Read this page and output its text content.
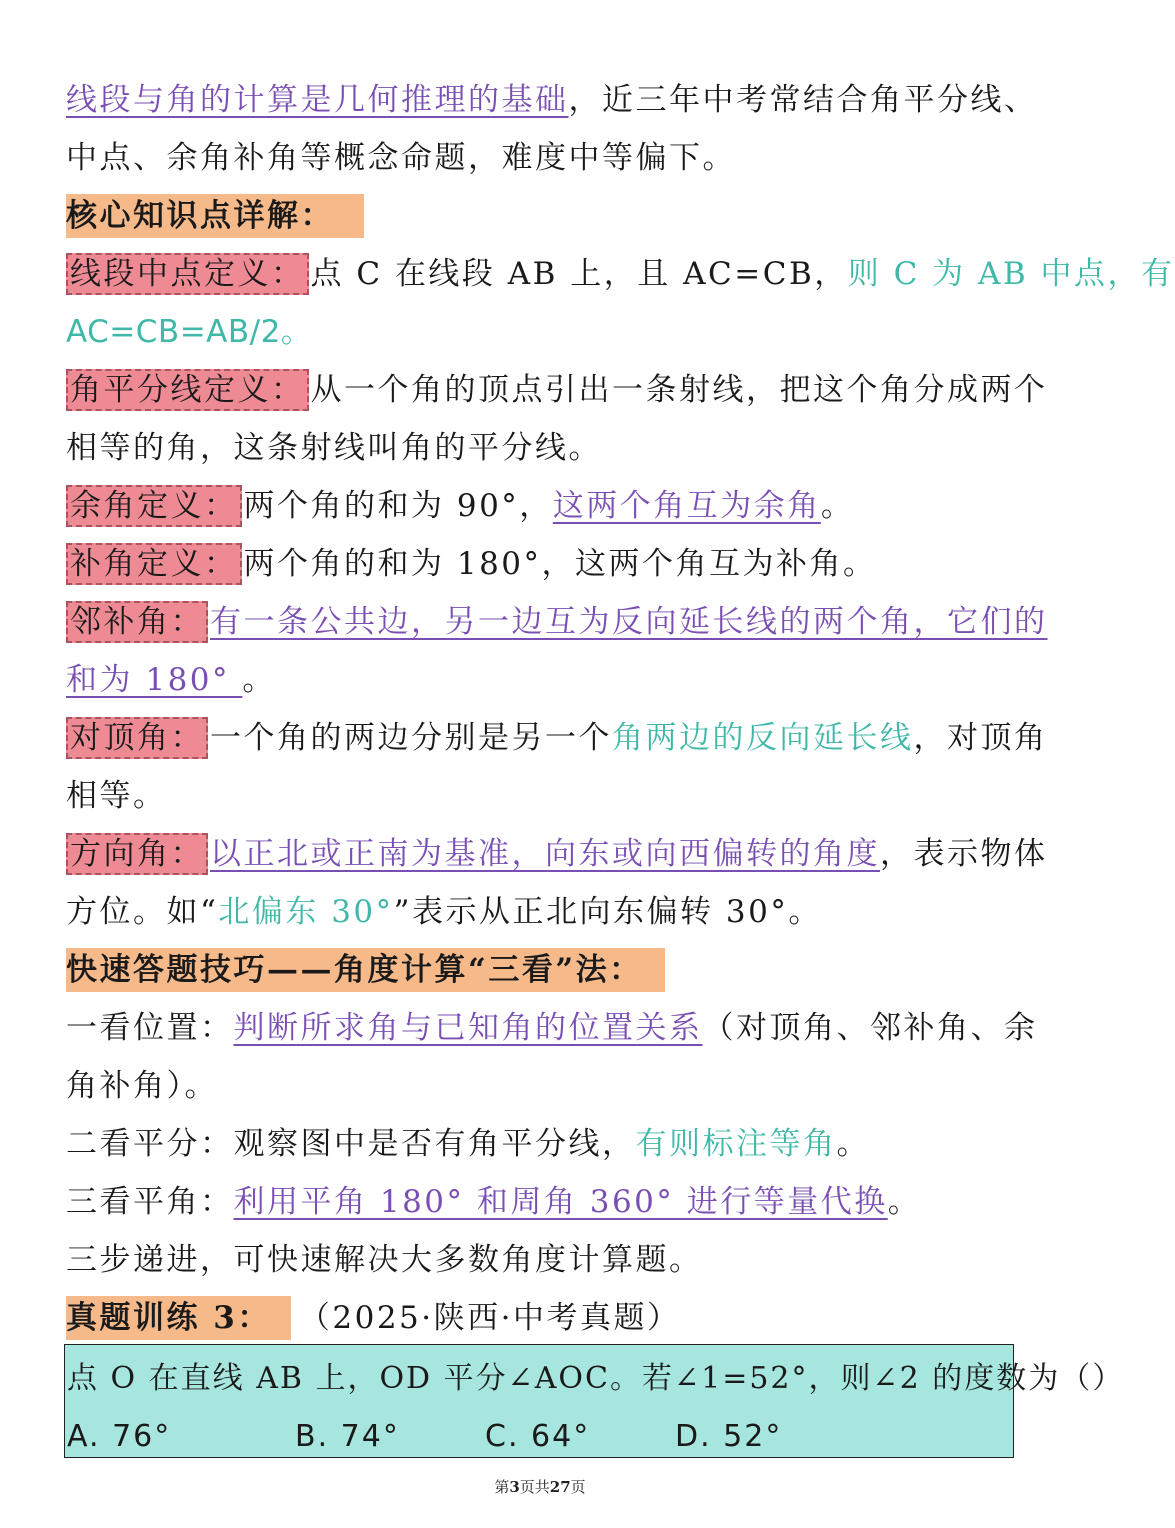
线段与角的计算是几何推理的基础，近三年中考常结合角平分线、
中点、余角补角等概念命题，难度中等偏下。
核心知识点详解：
线段中点定义： 点 C 在线段 AB 上，且 AC=CB，则 C 为 AB 中点，有
AC=CB=AB/2。
角平分线定义： 从一个角的顶点引出一条射线，把这个角分成两个
相等的角，这条射线叫角的平分线。
余角定义： 两个角的和为 90°，这两个角互为余角。
补角定义： 两个角的和为 180°，这两个角互为补角。
邻补角： 有一条公共边，另一边互为反向延长线的两个角，它们的
和为 180° 。
对顶角： 一个角的两边分别是另一个角两边的反向延长线，对顶角
相等。
方向角： 以正北或正南为基准，向东或向西偏转的角度，表示物体
方位。如“北偏东 30°”表示从正北向东偏转 30°。
快速答题技巧——角度计算“三看”法：
一看位置：判断所求角与已知角的位置关系（对顶角、邻补角、余
角补角）。
二看平分：观察图中是否有角平分线，有则标注等角。
三看平角：利用平角 180° 和周角 360° 进行等量代换。
三步递进，可快速解决大多数角度计算题。
真题训练 3： （2025·陕西·中考真题）
点 O 在直线 AB 上，OD 平分∠AOC。若∠1=52°，则∠2 的度数为（）
A. 76°	B. 74°	C. 64°	D. 52°
第3页共27页
